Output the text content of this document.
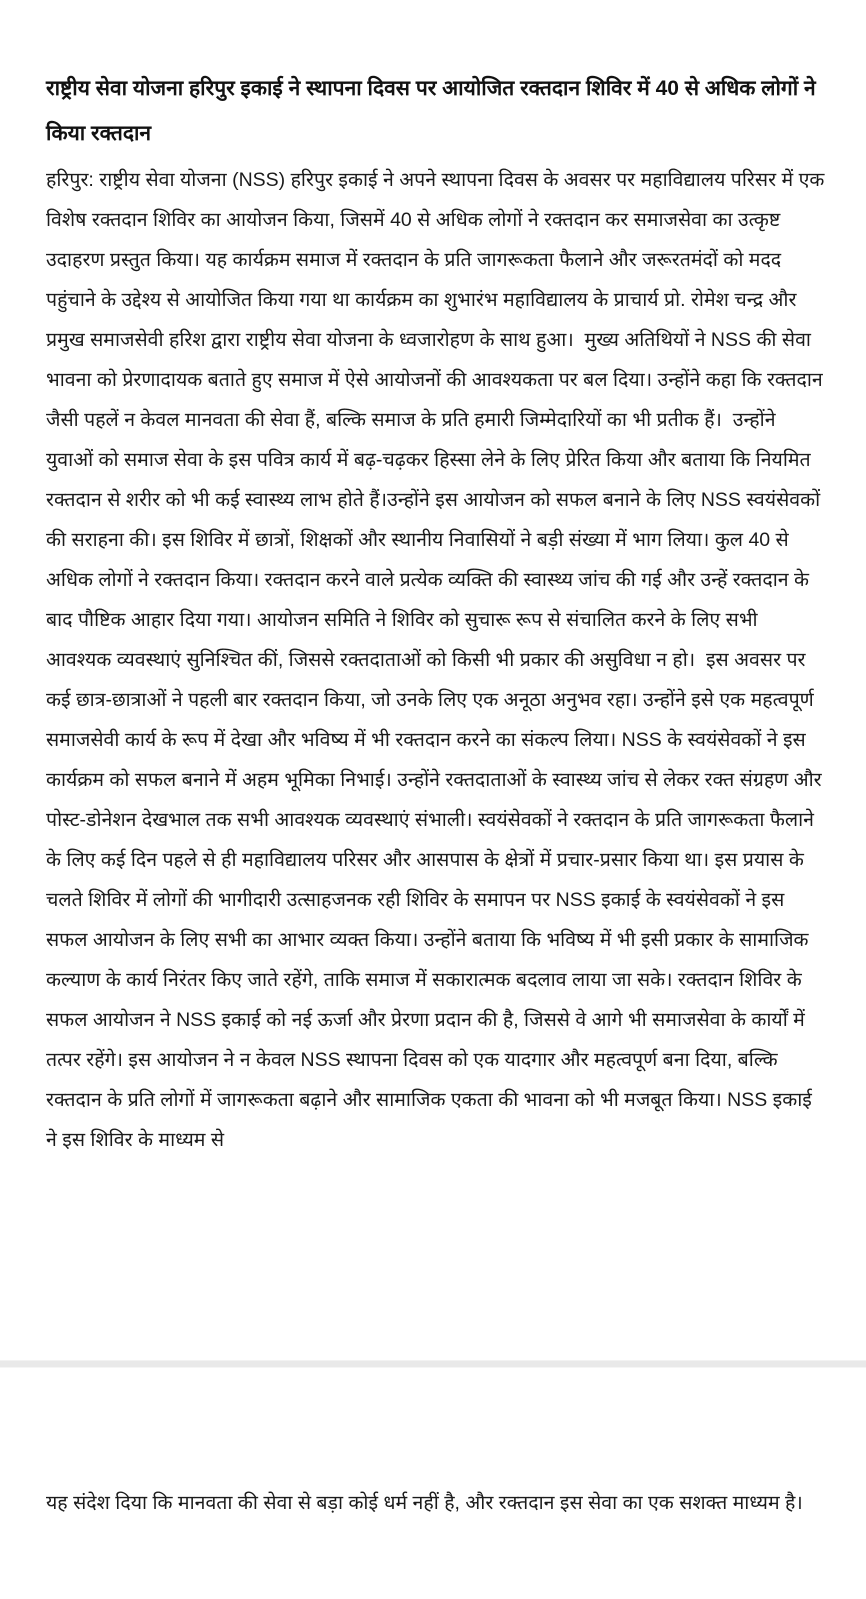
राष्ट्रीय सेवा योजना हरिपुर इकाई ने स्थापना दिवस पर आयोजित रक्तदान शिविर में 40 से अधिक लोगों ने किया रक्तदान

हरिपुर: राष्ट्रीय सेवा योजना (NSS) हरिपुर इकाई ने अपने स्थापना दिवस के अवसर पर महाविद्यालय परिसर में एक विशेष रक्तदान शिविर का आयोजन किया, जिसमें 40 से अधिक लोगों ने रक्तदान कर समाजसेवा का उत्कृष्ट उदाहरण प्रस्तुत किया। यह कार्यक्रम समाज में रक्तदान के प्रति जागरूकता फैलाने और जरूरतमंदों को मदद पहुंचाने के उद्देश्य से आयोजित किया गया था कार्यक्रम का शुभारंभ महाविद्यालय के प्राचार्य प्रो. रोमेश चन्द्र और प्रमुख समाजसेवी हरिश द्वारा राष्ट्रीय सेवा योजना के ध्वजारोहण के साथ हुआ।  मुख्य अतिथियों ने NSS की सेवा भावना को प्रेरणादायक बताते हुए समाज में ऐसे आयोजनों की आवश्यकता पर बल दिया। उन्होंने कहा कि रक्तदान जैसी पहलें न केवल मानवता की सेवा हैं, बल्कि समाज के प्रति हमारी जिम्मेदारियों का भी प्रतीक हैं।  उन्होंने युवाओं को समाज सेवा के इस पवित्र कार्य में बढ़-चढ़कर हिस्सा लेने के लिए प्रेरित किया और बताया कि नियमित रक्तदान से शरीर को भी कई स्वास्थ्य लाभ होते हैं।उन्होंने इस आयोजन को सफल बनाने के लिए NSS स्वयंसेवकों की सराहना की। इस शिविर में छात्रों, शिक्षकों और स्थानीय निवासियों ने बड़ी संख्या में भाग लिया। कुल 40 से अधिक लोगों ने रक्तदान किया। रक्तदान करने वाले प्रत्येक व्यक्ति की स्वास्थ्य जांच की गई और उन्हें रक्तदान के बाद पौष्टिक आहार दिया गया। आयोजन समिति ने शिविर को सुचारू रूप से संचालित करने के लिए सभी आवश्यक व्यवस्थाएं सुनिश्चित कीं, जिससे रक्तदाताओं को किसी भी प्रकार की असुविधा न हो।  इस अवसर पर कई छात्र-छात्राओं ने पहली बार रक्तदान किया, जो उनके लिए एक अनूठा अनुभव रहा। उन्होंने इसे एक महत्वपूर्ण समाजसेवी कार्य के रूप में देखा और भविष्य में भी रक्तदान करने का संकल्प लिया। NSS के स्वयंसेवकों ने इस कार्यक्रम को सफल बनाने में अहम भूमिका निभाई। उन्होंने रक्तदाताओं के स्वास्थ्य जांच से लेकर रक्त संग्रहण और पोस्ट-डोनेशन देखभाल तक सभी आवश्यक व्यवस्थाएं संभाली। स्वयंसेवकों ने रक्तदान के प्रति जागरूकता फैलाने के लिए कई दिन पहले से ही महाविद्यालय परिसर और आसपास के क्षेत्रों में प्रचार-प्रसार किया था। इस प्रयास के चलते शिविर में लोगों की भागीदारी उत्साहजनक रही शिविर के समापन पर NSS इकाई के स्वयंसेवकों ने इस सफल आयोजन के लिए सभी का आभार व्यक्त किया। उन्होंने बताया कि भविष्य में भी इसी प्रकार के सामाजिक कल्याण के कार्य निरंतर किए जाते रहेंगे, ताकि समाज में सकारात्मक बदलाव लाया जा सके। रक्तदान शिविर के सफल आयोजन ने NSS इकाई को नई ऊर्जा और प्रेरणा प्रदान की है, जिससे वे आगे भी समाजसेवा के कार्यों में तत्पर रहेंगे। इस आयोजन ने न केवल NSS स्थापना दिवस को एक यादगार और महत्वपूर्ण बना दिया, बल्कि रक्तदान के प्रति लोगों में जागरूकता बढ़ाने और सामाजिक एकता की भावना को भी मजबूत किया। NSS इकाई ने इस शिविर के माध्यम से

यह संदेश दिया कि मानवता की सेवा से बड़ा कोई धर्म नहीं है, और रक्तदान इस सेवा का एक सशक्त माध्यम है।
